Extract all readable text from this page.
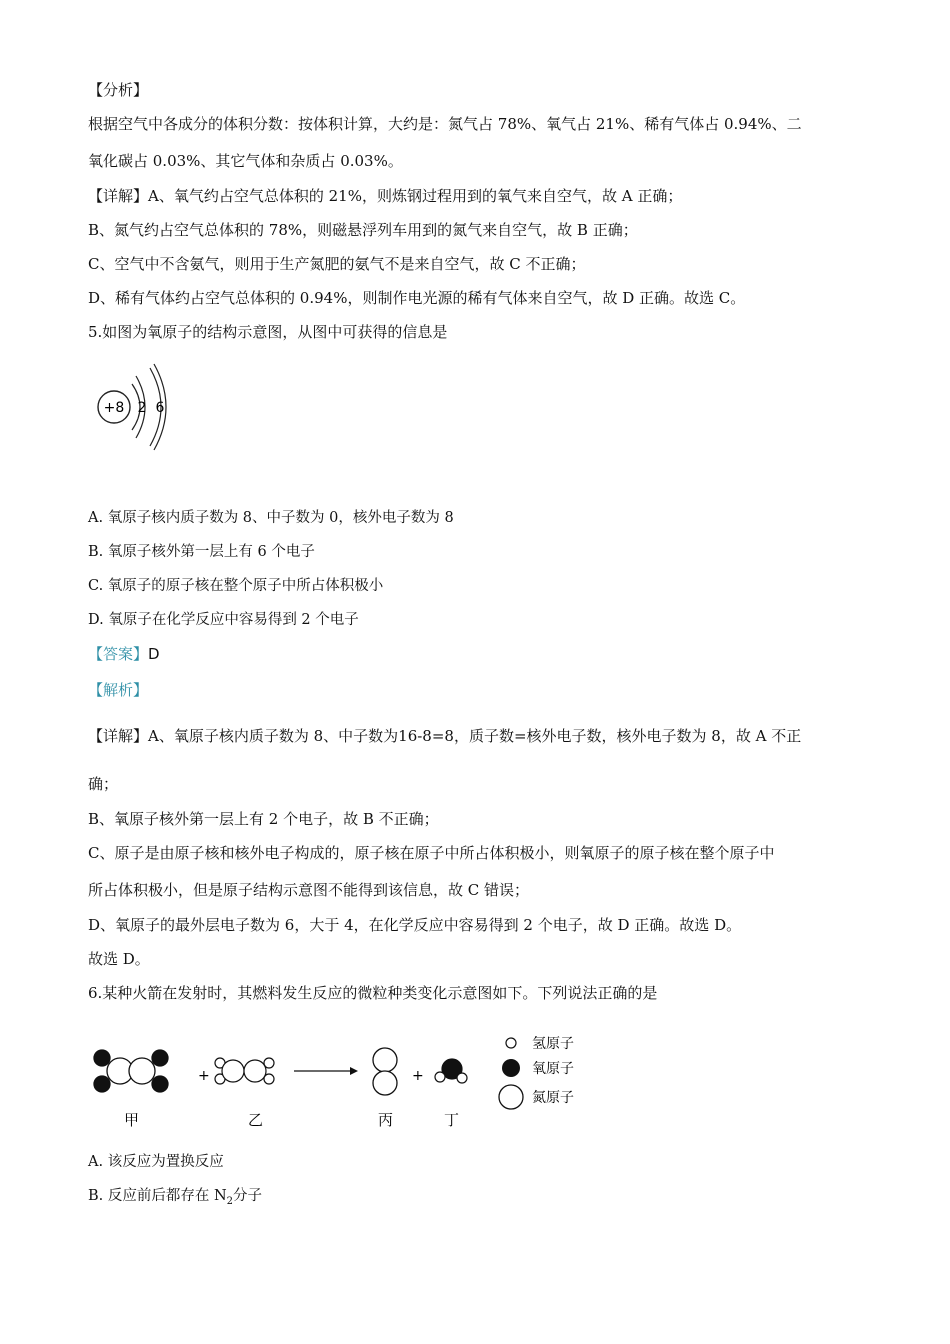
【分析】
根据空气中各成分的体积分数：按体积计算，大约是：氮气占 78%、氧气占 21%、稀有气体占 0.94%、二
氧化碳占 0.03%、其它气体和杂质占 0.03%。
【详解】A、氧气约占空气总体积的 21%，则炼钢过程用到的氧气来自空气，故 A 正确；
B、氮气约占空气总体积的 78%，则磁悬浮列车用到的氮气来自空气，故 B 正确；
C、空气中不含氨气，则用于生产氮肥的氨气不是来自空气，故 C 不正确；
D、稀有气体约占空气总体积的 0.94%，则制作电光源的稀有气体来自空气，故 D 正确。故选 C。
5.如图为氧原子的结构示意图，从图中可获得的信息是
+8 2 6
A. 氧原子核内质子数为 8、中子数为 0，核外电子数为 8
B. 氧原子核外第一层上有 6 个电子
C. 氧原子的原子核在整个原子中所占体积极小
D. 氧原子在化学反应中容易得到 2 个电子
【答案】D
【解析】
【详解】A、氧原子核内质子数为 8、中子数为16-8=8，质子数=核外电子数，核外电子数为 8，故 A 不正
确；
B、氧原子核外第一层上有 2 个电子，故 B 不正确；
C、原子是由原子核和核外电子构成的，原子核在原子中所占体积极小，则氧原子的原子核在整个原子中
所占体积极小，但是原子结构示意图不能得到该信息，故 C 错误；
D、氧原子的最外层电子数为 6，大于 4，在化学反应中容易得到 2 个电子，故 D 正确。故选 D。
故选 D。
6.某种火箭在发射时，其燃料发生反应的微粒种类变化示意图如下。下列说法正确的是
+	+
甲	乙	丙	丁
氢原子
氧原子
氮原子
A. 该反应为置换反应
B. 反应前后都存在 $N_2$分子
